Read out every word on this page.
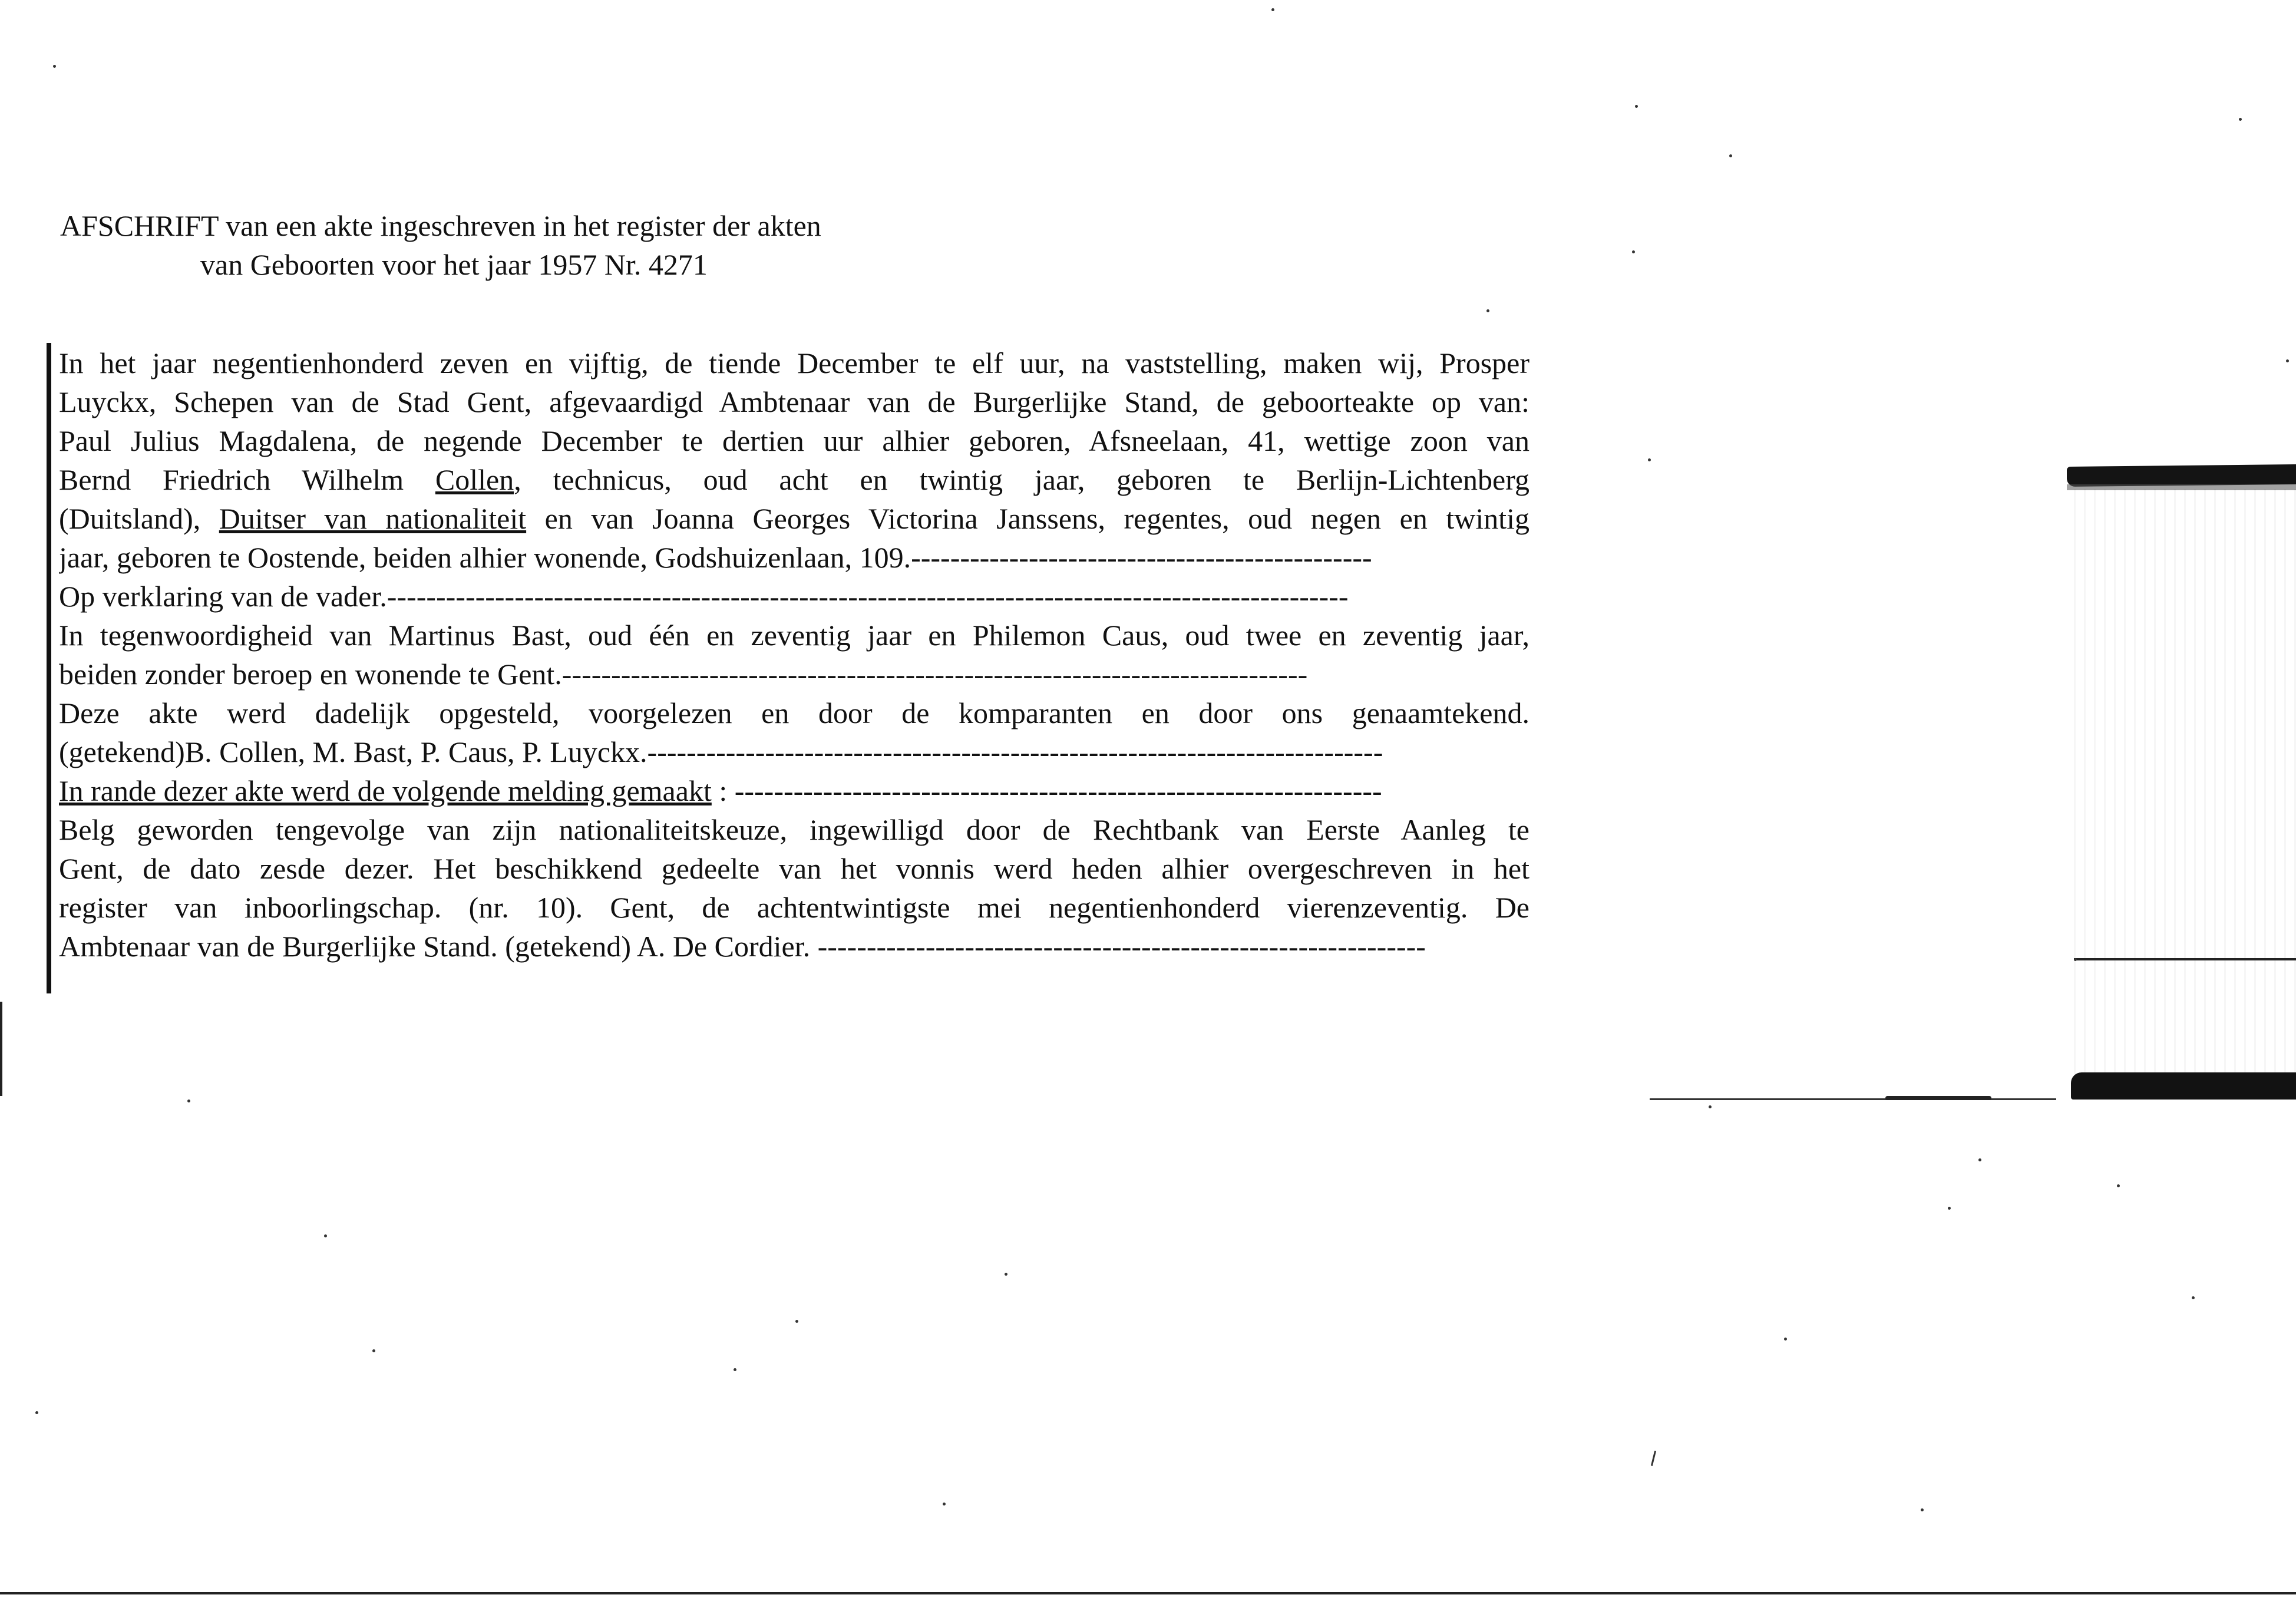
AFSCHRIFT van een akte ingeschreven in het register der akten
van Geboorten voor het jaar 1957 Nr. 4271
In het jaar negentienhonderd zeven en vijftig, de tiende December te elf uur, na vaststelling, maken wij, Prosper
Luyckx, Schepen van de Stad Gent, afgevaardigd Ambtenaar van de Burgerlijke Stand, de geboorteakte op van:
Paul Julius Magdalena, de negende December te dertien uur alhier geboren, Afsneelaan, 41, wettige zoon van
Bernd Friedrich Wilhelm Collen, technicus, oud acht en twintig jaar, geboren te Berlijn-Lichtenberg
(Duitsland), Duitser van nationaliteit en van Joanna Georges Victorina Janssens, regentes, oud negen en twintig
jaar, geboren te Oostende, beiden alhier wonende, Godshuizenlaan, 109.-----------------------------------------------
Op verklaring van de vader.--------------------------------------------------------------------------------------------------
In tegenwoordigheid van Martinus Bast, oud één en zeventig jaar en Philemon Caus, oud twee en zeventig jaar,
beiden zonder beroep en wonende te Gent.----------------------------------------------------------------------------
Deze akte werd dadelijk opgesteld, voorgelezen en door de komparanten en door ons genaamtekend.
(getekend)B. Collen, M. Bast, P. Caus, P. Luyckx.---------------------------------------------------------------------------
In rande dezer akte werd de volgende melding gemaakt : ------------------------------------------------------------------
Belg geworden tengevolge van zijn nationaliteitskeuze, ingewilligd door de Rechtbank van Eerste Aanleg te
Gent, de dato zesde dezer. Het beschikkend gedeelte van het vonnis werd heden alhier overgeschreven in het
register van inboorlingschap. (nr. 10). Gent, de achtentwintigste mei negentienhonderd vierenzeventig. De
Ambtenaar van de Burgerlijke Stand. (getekend) A. De Cordier. --------------------------------------------------------------
